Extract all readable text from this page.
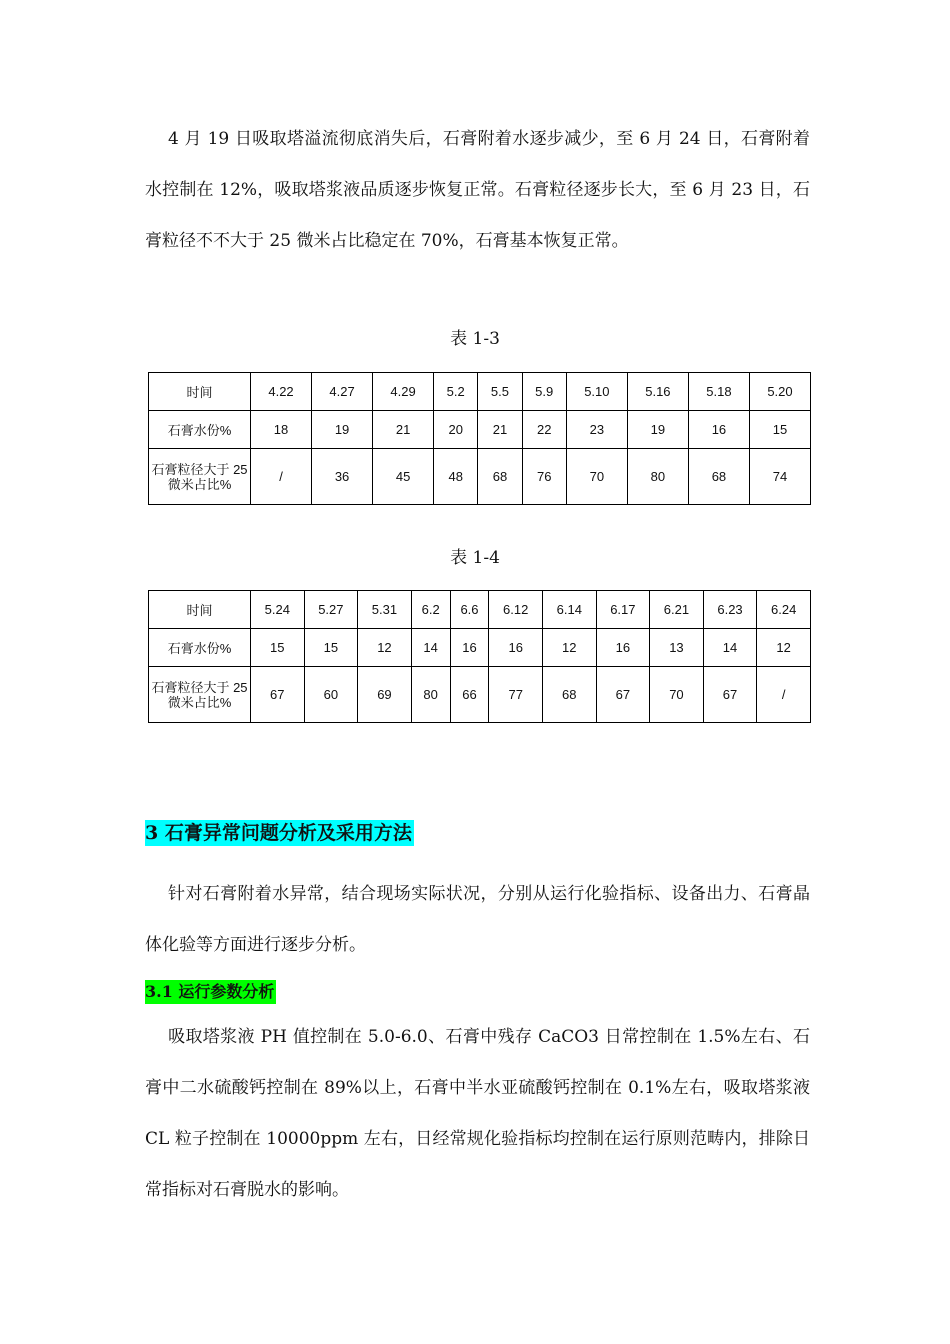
4 月 19 日吸取塔溢流彻底消失后，石膏附着水逐步减少，至 6 月 24 日，石膏附着水控制在 12%，吸取塔浆液品质逐步恢复正常。石膏粒径逐步长大，至 6 月 23 日，石膏粒径不不大于 25 微米占比稳定在 70%，石膏基本恢复正常。

表 1-3

时间	4.22	4.27	4.29	5.2	5.5	5.9	5.10	5.16	5.18	5.20
石膏水份%	18	19	21	20	21	22	23	19	16	15
石膏粒径大于 25 微米占比%	/	36	45	48	68	76	70	80	68	74

表 1-4

时间	5.24	5.27	5.31	6.2	6.6	6.12	6.14	6.17	6.21	6.23	6.24
石膏水份%	15	15	12	14	16	16	12	16	13	14	12
石膏粒径大于 25 微米占比%	67	60	69	80	66	77	68	67	70	67	/
3 石膏异常问题分析及采用方法

针对石膏附着水异常，结合现场实际状况，分别从运行化验指标、设备出力、石膏晶体化验等方面进行逐步分析。

3.1 运行参数分析

吸取塔浆液 PH 值控制在 5.0-6.0、石膏中残存 CaCO3 日常控制在 1.5%左右、石膏中二水硫酸钙控制在 89%以上，石膏中半水亚硫酸钙控制在 0.1%左右，吸取塔浆液 CL 粒子控制在 10000ppm 左右，日经常规化验指标均控制在运行原则范畴内，排除日常指标对石膏脱水的影响。
